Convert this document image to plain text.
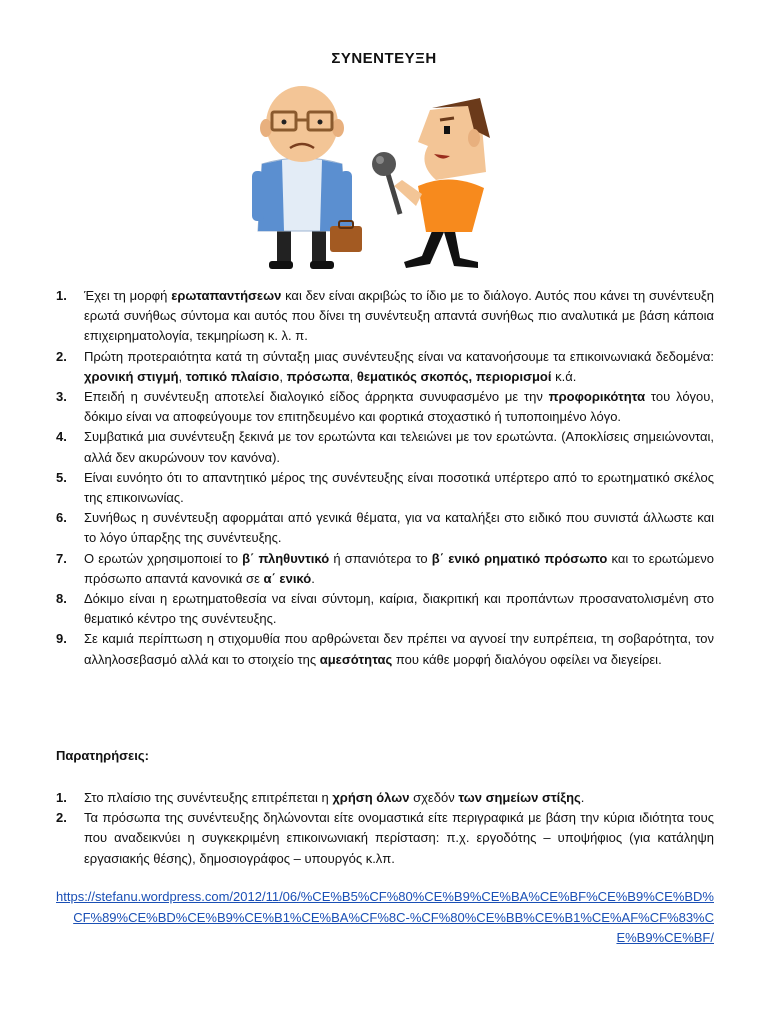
ΣΥΝΕΝΤΕΥΞΗ
1. Έχει τη μορφή ερωταπαντήσεων και δεν είναι ακριβώς το ίδιο με το διάλογο. Αυτός που κάνει τη συνέντευξη ερωτά συνήθως σύντομα και αυτός που δίνει τη συνέντευξη απαντά συνήθως πιο αναλυτικά με βάση κάποια επιχειρηματολογία, τεκμηρίωση κ. λ. π.
2. Πρώτη προτεραιότητα κατά τη σύνταξη μιας συνέντευξης είναι να κατανοήσουμε τα επικοινωνιακά δεδομένα: χρονική στιγμή, τοπικό πλαίσιο, πρόσωπα, θεματικός σκοπός, περιορισμοί κ.ά.
3. Επειδή η συνέντευξη αποτελεί διαλογικό είδος άρρηκτα συνυφασμένο με την προφορικότητα του λόγου, δόκιμο είναι να αποφεύγουμε τον επιτηδευμένο και φορτικά στοχαστικό ή τυποποιημένο λόγο.
4. Συμβατικά μια συνέντευξη ξεκινά με τον ερωτώντα και τελειώνει με τον ερωτώντα. (Αποκλίσεις σημειώνονται, αλλά δεν ακυρώνουν τον κανόνα).
5. Είναι ευνόητο ότι το απαντητικό μέρος της συνέντευξης είναι ποσοτικά υπέρτερο από το ερωτηματικό σκέλος της επικοινωνίας.
6. Συνήθως η συνέντευξη αφορμάται από γενικά θέματα, για να καταλήξει στο ειδικό που συνιστά άλλωστε και το λόγο ύπαρξης της συνέντευξης.
7. Ο ερωτών χρησιμοποιεί το β΄ πληθυντικό ή σπανιότερα το β΄ ενικό ρηματικό πρόσωπο και το ερωτώμενο πρόσωπο απαντά κανονικά σε α΄ ενικό.
8. Δόκιμο είναι η ερωτηματοθεσία να είναι σύντομη, καίρια, διακριτική και προπάντων προσανατολισμένη στο θεματικό κέντρο της συνέντευξης.
9. Σε καμιά περίπτωση η στιχομυθία που αρθρώνεται δεν πρέπει να αγνοεί την ευπρέπεια, τη σοβαρότητα, τον αλληλοσεβασμό αλλά και το στοιχείο της αμεσότητας που κάθε μορφή διαλόγου οφείλει να διεγείρει.
Παρατηρήσεις:
1. Στο πλαίσιο της συνέντευξης επιτρέπεται η χρήση όλων σχεδόν των σημείων στίξης.
2. Τα πρόσωπα της συνέντευξης δηλώνονται είτε ονομαστικά είτε περιγραφικά με βάση την κύρια ιδιότητα τους που αναδεικνύει η συγκεκριμένη επικοινωνιακή περίσταση: π.χ. εργοδότης – υποψήφιος (για κατάληψη εργασιακής θέσης), δημοσιογράφος – υπουργός κ.λπ.
https://stefanu.wordpress.com/2012/11/06/%CE%B5%CF%80%CE%B9%CE%BA%CE%BF%CE%B9%CE%BD%CF%89%CE%BD%CE%B9%CE%B1%CE%BA%CF%8C-%CF%80%CE%BB%CE%B1%CE%AF%CF%83%CE%B9%CE%BF/
